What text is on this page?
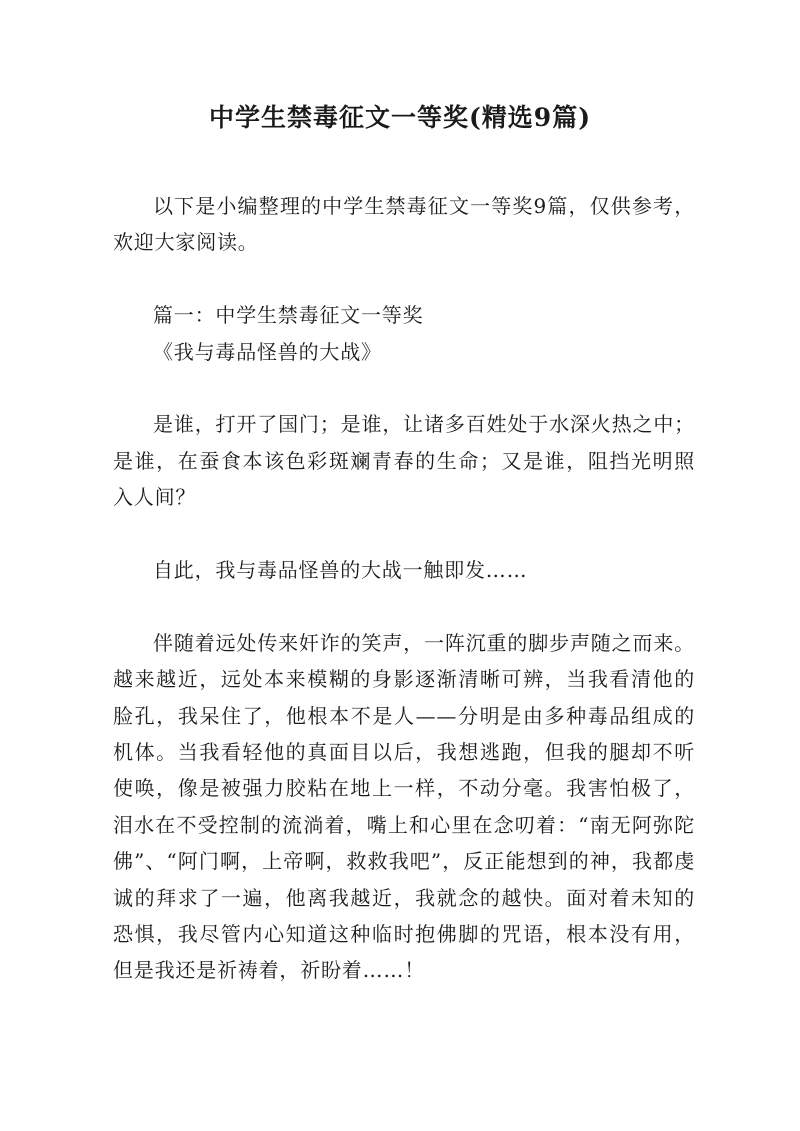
中学生禁毒征文一等奖(精选9篇)

以下是小编整理的中学生禁毒征文一等奖9篇，仅供参考，欢迎大家阅读。

篇一：中学生禁毒征文一等奖

《我与毒品怪兽的大战》

是谁，打开了国门；是谁，让诸多百姓处于水深火热之中；是谁，在蚕食本该色彩斑斓青春的生命；又是谁，阻挡光明照入人间？

自此，我与毒品怪兽的大战一触即发……

伴随着远处传来奸诈的笑声，一阵沉重的脚步声随之而来。越来越近，远处本来模糊的身影逐渐清晰可辨，当我看清他的脸孔，我呆住了，他根本不是人——分明是由多种毒品组成的机体。当我看轻他的真面目以后，我想逃跑，但我的腿却不听使唤，像是被强力胶粘在地上一样，不动分毫。我害怕极了，泪水在不受控制的流淌着，嘴上和心里在念叨着：“南无阿弥陀佛”、“阿门啊，上帝啊，救救我吧”，反正能想到的神，我都虔诚的拜求了一遍，他离我越近，我就念的越快。面对着未知的恐惧，我尽管内心知道这种临时抱佛脚的咒语，根本没有用，但是我还是祈祷着，祈盼着……！
